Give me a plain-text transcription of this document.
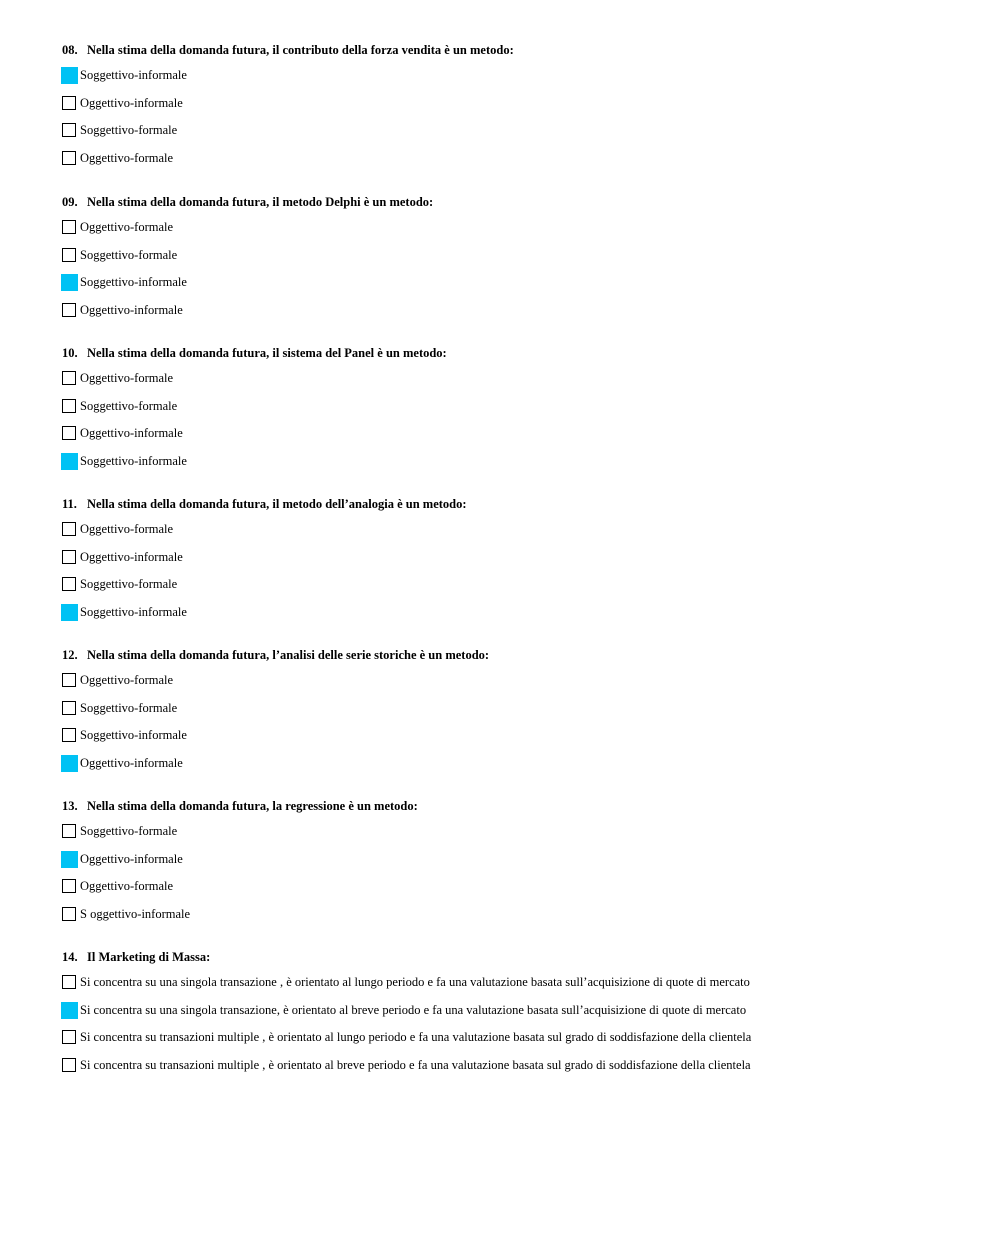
08. Nella stima della domanda futura, il contributo della forza vendita è un metodo:
Soggettivo-informale
Oggettivo-informale
Soggettivo-formale
Oggettivo-formale
09. Nella stima della domanda futura, il metodo Delphi è un metodo:
Oggettivo-formale
Soggettivo-formale
Soggettivo-informale
Oggettivo-informale
10. Nella stima della domanda futura, il sistema del Panel è un metodo:
Oggettivo-formale
Soggettivo-formale
Oggettivo-informale
Soggettivo-informale
11. Nella stima della domanda futura, il metodo dell’analogia è un metodo:
Oggettivo-formale
Oggettivo-informale
Soggettivo-formale
Soggettivo-informale
12. Nella stima della domanda futura, l’analisi delle serie storiche è un metodo:
Oggettivo-formale
Soggettivo-formale
Soggettivo-informale
Oggettivo-informale
13. Nella stima della domanda futura, la regressione è un metodo:
Soggettivo-formale
Oggettivo-informale
Oggettivo-formale
S oggettivo-informale
14. Il Marketing di Massa:
Si concentra su una singola transazione , è orientato al lungo periodo e fa una valutazione basata sull’acquisizione di quote di mercato
Si concentra su una singola transazione, è orientato al breve periodo e fa una valutazione basata sull’acquisizione di quote di mercato
Si concentra su transazioni multiple , è orientato al lungo periodo e fa una valutazione basata sul grado di soddisfazione della clientela
Si concentra su transazioni multiple , è orientato al breve periodo e fa una valutazione basata sul grado di soddisfazione della clientela
